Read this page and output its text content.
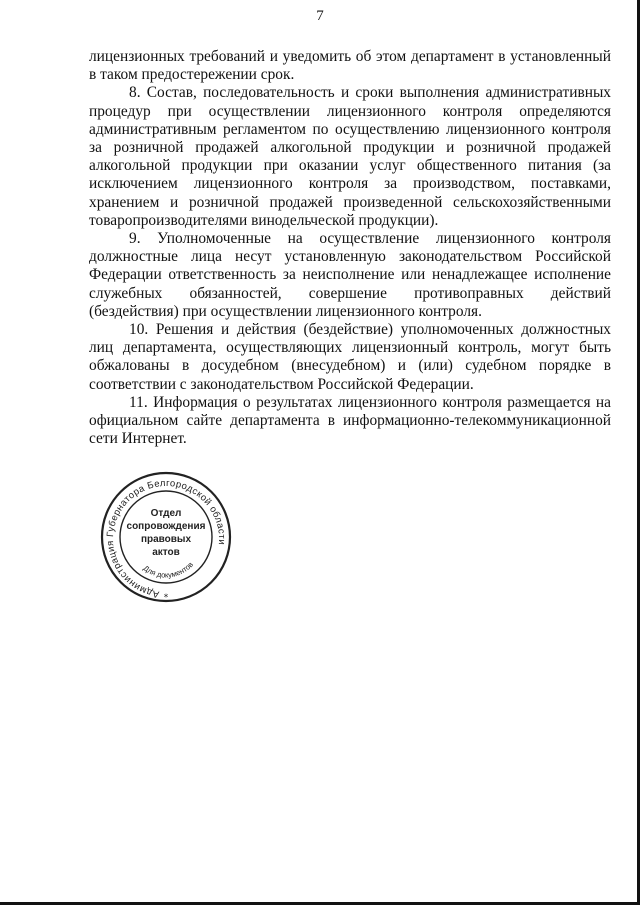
7

лицензионных требований и уведомить об этом департамент в установленный в таком предостережении срок.

8. Состав, последовательность и сроки выполнения административных процедур при осуществлении лицензионного контроля определяются административным регламентом по осуществлению лицензионного контроля за розничной продажей алкогольной продукции и розничной продажей алкогольной продукции при оказании услуг общественного питания (за исключением лицензионного контроля за производством, поставками, хранением и розничной продажей произведенной сельскохозяйственными товаропроизводителями винодельческой продукции).

9. Уполномоченные на осуществление лицензионного контроля должностные лица несут установленную законодательством Российской Федерации ответственность за неисполнение или ненадлежащее исполнение служебных обязанностей, совершение противоправных действий (бездействия) при осуществлении лицензионного контроля.

10. Решения и действия (бездействие) уполномоченных должностных лиц департамента, осуществляющих лицензионный контроль, могут быть обжалованы в досудебном (внесудебном) и (или) судебном порядке в соответствии с законодательством Российской Федерации.

11. Информация о результатах лицензионного контроля размещается на официальном сайте департамента в информационно-телекоммуникационной сети Интернет.

Администрация Губернатора Белгородской области
Для документов
*
Отдел
сопровождения
правовых
актов
